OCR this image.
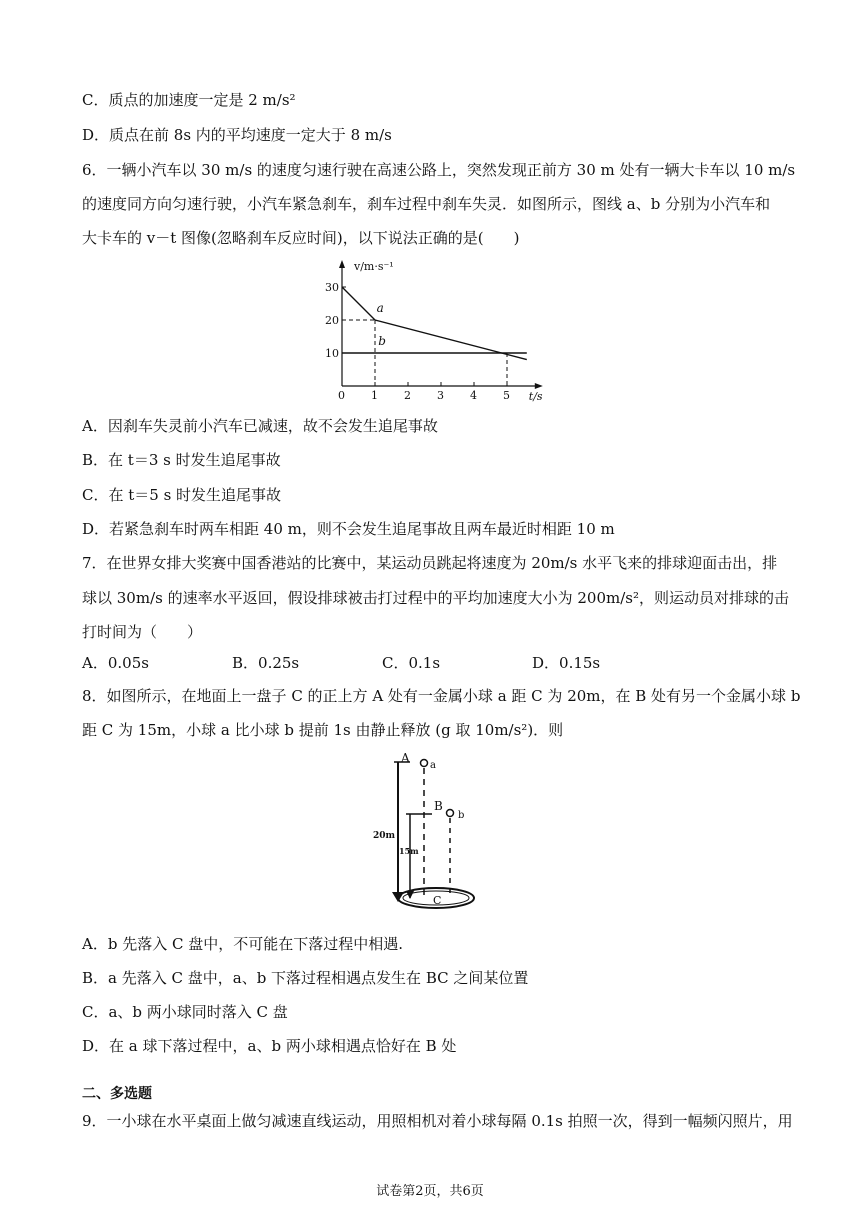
C．质点的加速度一定是 2 m/s²
D．质点在前 8s 内的平均速度一定大于 8 m/s
6．一辆小汽车以 30 m/s 的速度匀速行驶在高速公路上，突然发现正前方 30 m 处有一辆大卡车以 10 m/s
的速度同方向匀速行驶，小汽车紧急刹车，刹车过程中刹车失灵．如图所示，图线 a、b 分别为小汽车和
大卡车的 v－t 图像(忽略刹车反应时间)，以下说法正确的是(　　)
0 1 2 3 4 5
10
20
30
a
b
v/m·s⁻¹
t/s
A．因刹车失灵前小汽车已减速，故不会发生追尾事故
B．在 t＝3 s 时发生追尾事故
C．在 t＝5 s 时发生追尾事故
D．若紧急刹车时两车相距 40 m，则不会发生追尾事故且两车最近时相距 10 m
7．在世界女排大奖赛中国香港站的比赛中，某运动员跳起将速度为 20m/s 水平飞来的排球迎面击出，排
球以 30m/s 的速率水平返回，假设排球被击打过程中的平均加速度大小为 200m/s²，则运动员对排球的击
打时间为（　　）
A．0.05s	B．0.25s	C．0.1s	D．0.15s
8．如图所示，在地面上一盘子 C 的正上方 A 处有一金属小球 a 距 C 为 20m，在 B 处有另一个金属小球 b
距 C 为 15m，小球 a 比小球 b 提前 1s 由静止释放 (g 取 10m/s²)．则
A
a
B
b
C
20m
15m
A．b 先落入 C 盘中，不可能在下落过程中相遇.
B．a 先落入 C 盘中，a、b 下落过程相遇点发生在 BC 之间某位置
C．a、b 两小球同时落入 C 盘
D．在 a 球下落过程中，a、b 两小球相遇点恰好在 B 处
二、多选题
9．一小球在水平桌面上做匀减速直线运动，用照相机对着小球每隔 0.1s 拍照一次，得到一幅频闪照片，用
试卷第2页，共6页
